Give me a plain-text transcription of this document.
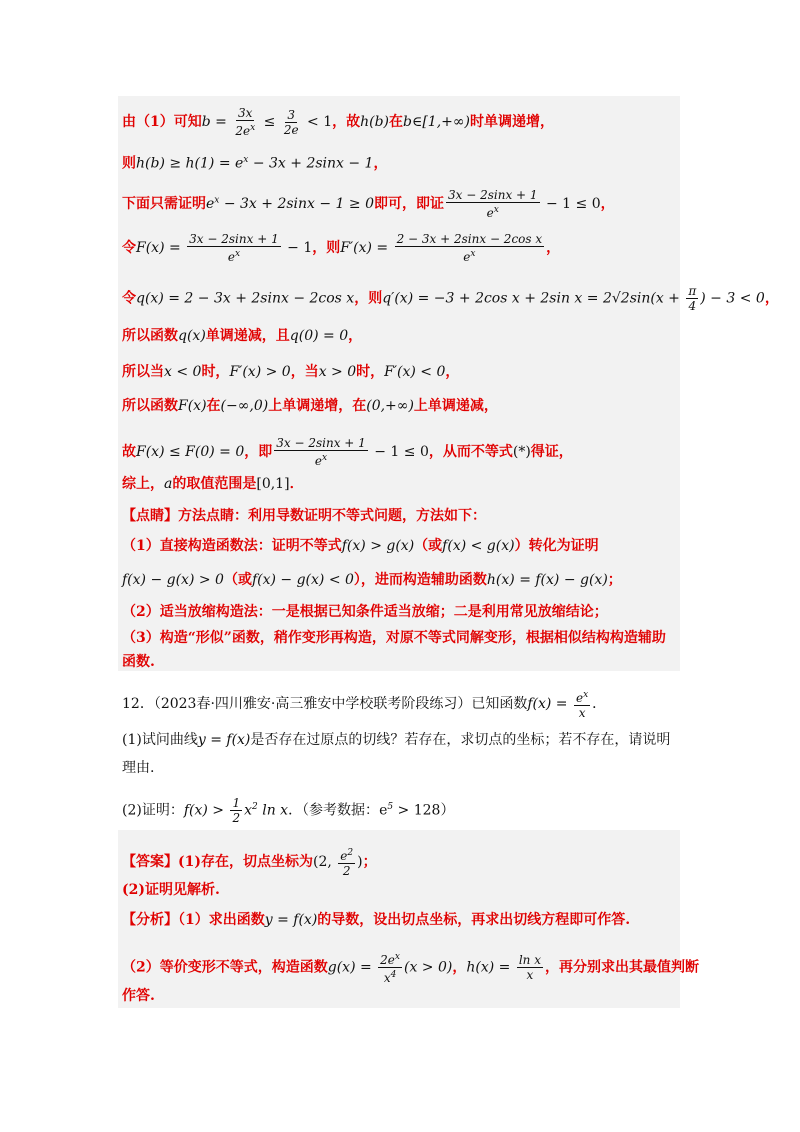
由（1）可知$b = \frac{3x}{2e^x} \le \frac{3}{2e} < 1$，故h(b)在b∈[1,+∞)时单调递增，
则$h(b) \ge h(1) = e^x - 3x + 2\sin x - 1$，
下面只需证明$e^x - 3x + 2\sin x - 1 \ge 0$即可，即证 $\frac{3x - 2\sin x + 1}{e^x} - 1 \le 0$，
令$F(x) = \frac{3x - 2\sin x + 1}{e^x} - 1$，则$F'(x) = \frac{\text{2 − 3x + 2sinx − 2cos x}}{e^x}$ ，
令q(x) = 2 − 3x + 2sinx − 2cos x，则q′(x) = −3 + 2cos x + 2sin $x = 2√2\sin(x + \frac{\pi}{4}$ ) − 3 < 0，
所以函数q(x)单调递减，且q(0) = 0，
所以当x < 0时，F′(x) > 0，当x > 0时，F′(x) < 0，
所以函数F(x)在(−∞,0)上单调递增，在(0,+∞)上单调递减，
故F(x) ≤ F(0) = 0，即 $\frac{3x - 2\sin x + 1}{e^x} - 1 \le 0$，从而不等式(*)得证，
综上，a的取值范围是[0,1]．
【点睛】方法点睛：利用导数证明不等式问题，方法如下：
（1）直接构造函数法：证明不等式f(x) > g(x)（或f(x) < g(x)）转化为证明
f(x) − g(x) > 0（或f(x) − g(x) < 0），进而构造辅助函数h(x) = f(x) − g(x)；
（2）适当放缩构造法：一是根据已知条件适当放缩；二是利用常见放缩结论；
（3）构造“形似”函数，稍作变形再构造，对原不等式同解变形，根据相似结构构造辅助
函数.
12．（2023春·四川雅安·高三雅安中学校联考阶段练习）已知函数$f(x) = \frac{e^x}{x}$ ．
(1)试问曲线y = f(x)是否存在过原点的切线？若存在，求切点的坐标；若不存在，请说明
理由.
(2)证明：$f(x) > \frac{1}{2} x^2$ ln x．（参考数据：$e^5 > 128$）
【答案】(1)存在，切点坐标为(2, $\frac{e^2}{2}$ )；
(2)证明见解析.
【分析】（1）求出函数y = f(x)的导数，设出切点坐标，再求出切线方程即可作答.
（2）等价变形不等式，构造函数$g(x) = \frac{2e^x}{x^4} (x > 0)$，$h(x) = \frac{\text{ln x}}{x}$ ，再分别求出其最值判断
作答.
